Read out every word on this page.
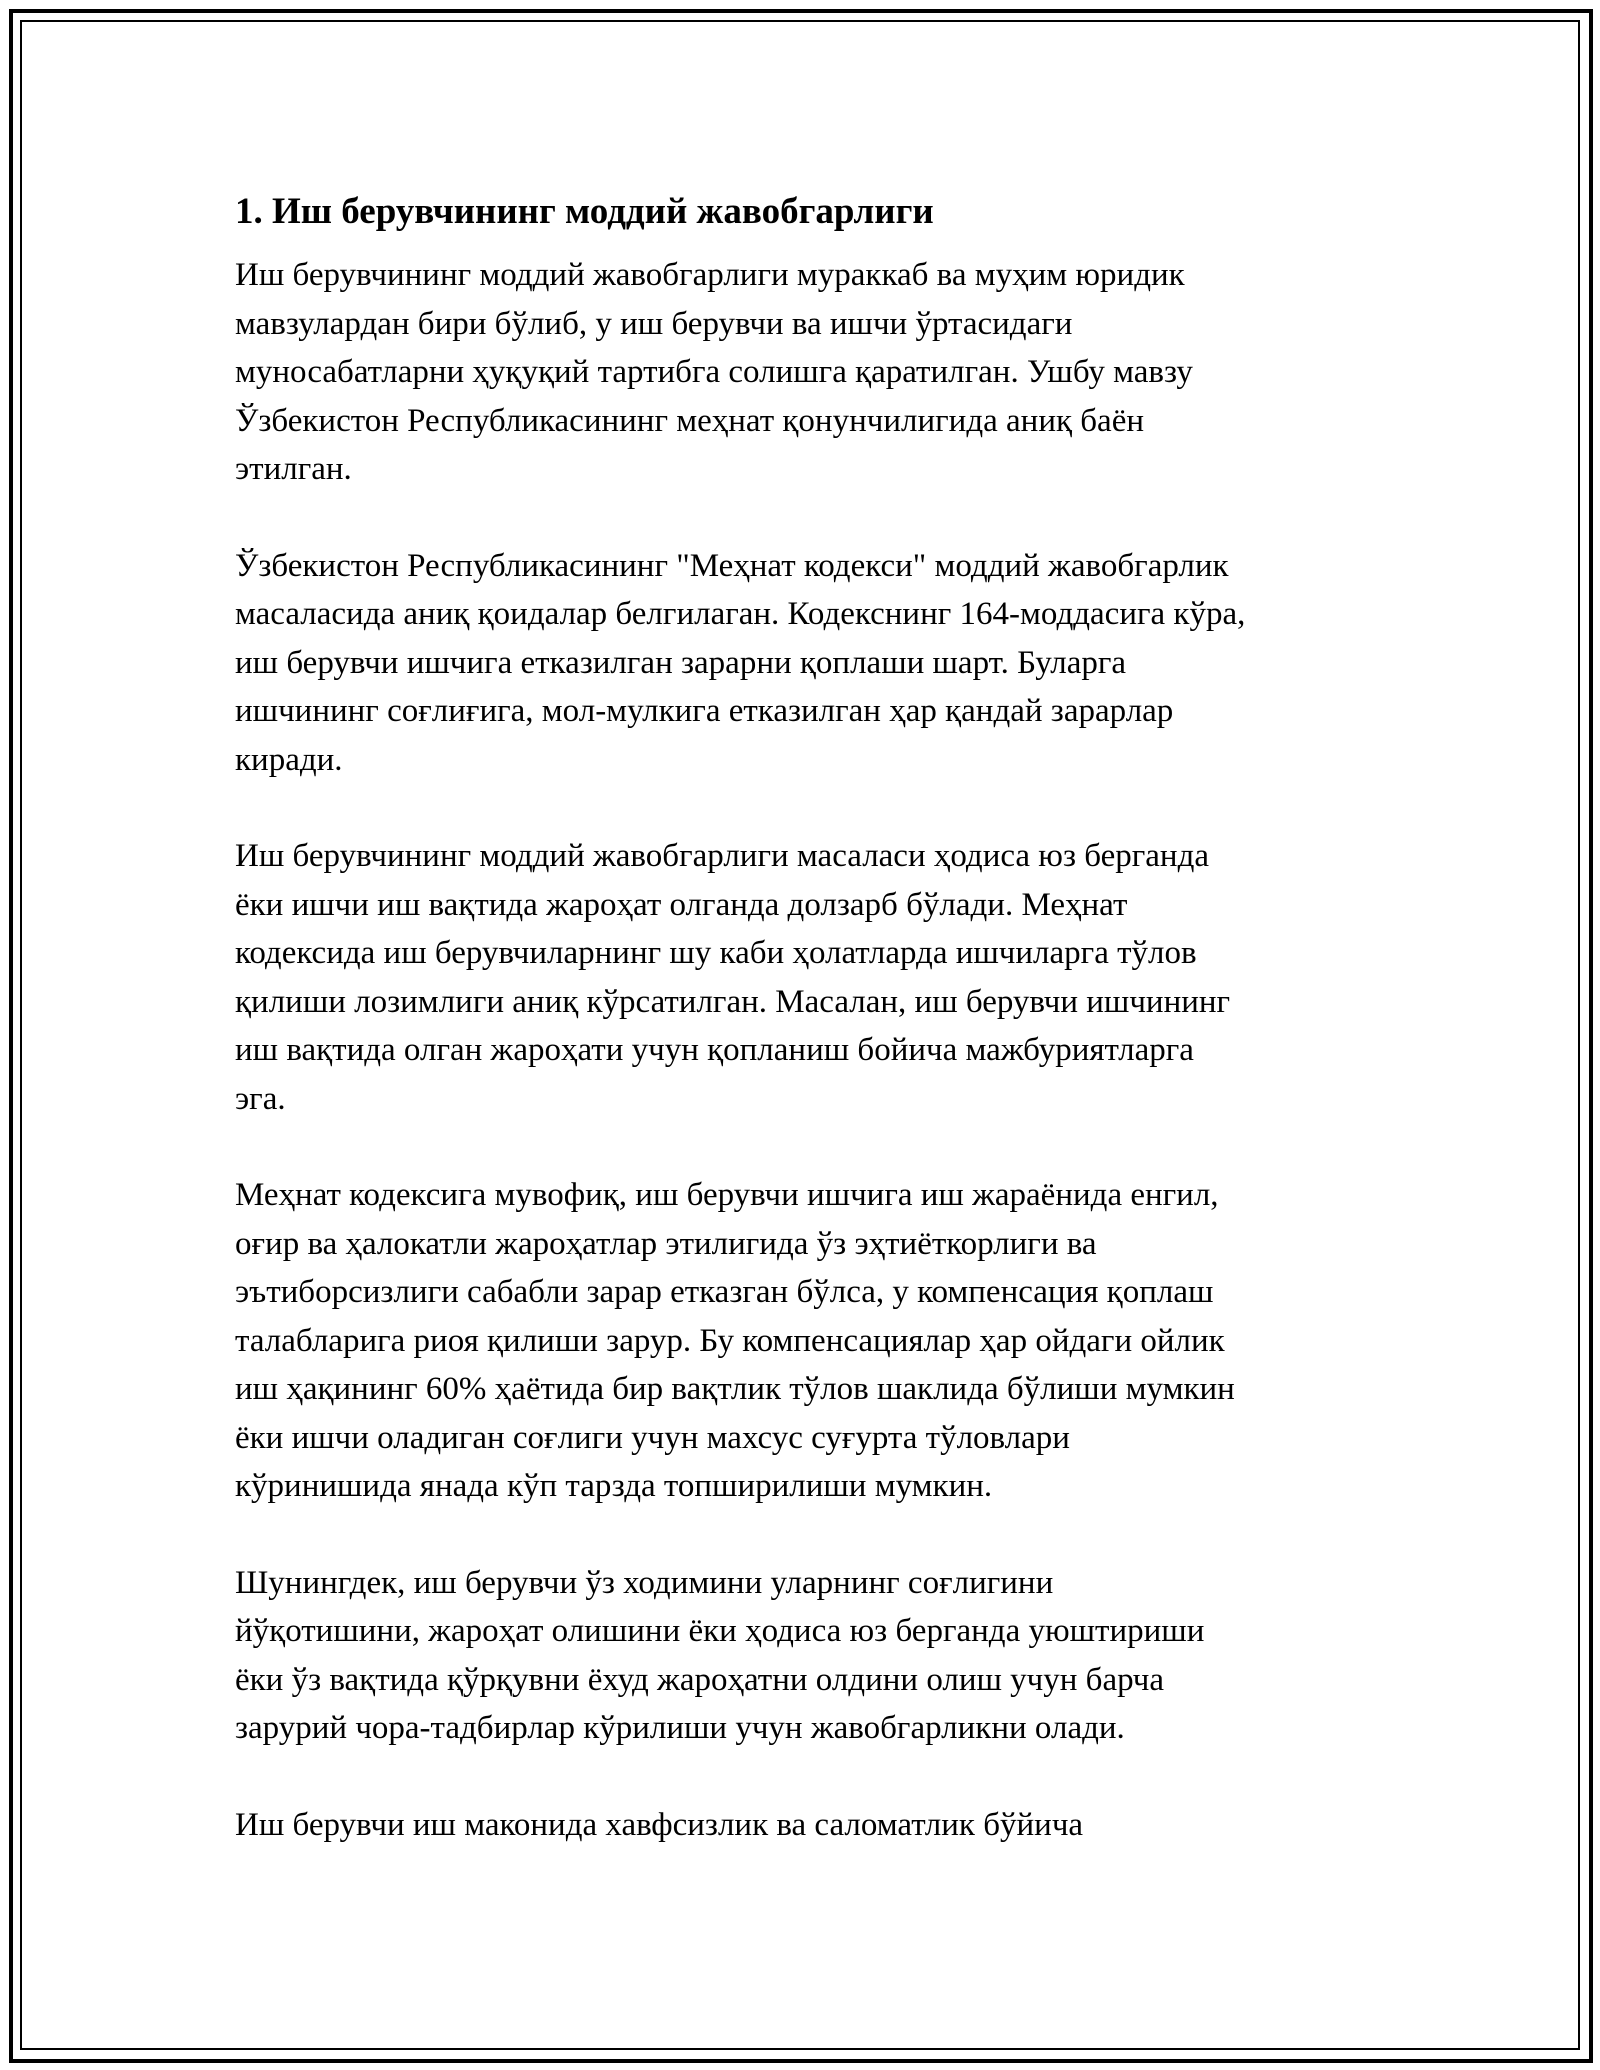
1. Иш берувчининг моддий жавобгарлиги

Иш берувчининг моддий жавобгарлиги мураккаб ва муҳим юридик
мавзулардан бири бўлиб, у иш берувчи ва ишчи ўртасидаги
муносабатларни ҳуқуқий тартибга солишга қаратилган. Ушбу мавзу
Ўзбекистон Республикасининг меҳнат қонунчилигида аниқ баён
этилган.

Ўзбекистон Республикасининг "Меҳнат кодекси" моддий жавобгарлик
масаласида аниқ қоидалар белгилаган. Кодекснинг 164-моддасига кўра,
иш берувчи ишчига етказилган зарарни қоплаши шарт. Буларга
ишчининг соғлиғига, мол-мулкига етказилган ҳар қандай зарарлар
киради.

Иш берувчининг моддий жавобгарлиги масаласи ҳодиса юз берганда
ёки ишчи иш вақтида жароҳат олганда долзарб бўлади. Меҳнат
кодексида иш берувчиларнинг шу каби ҳолатларда ишчиларга тўлов
қилиши лозимлиги аниқ кўрсатилган. Масалан, иш берувчи ишчининг
иш вақтида олган жароҳати учун қопланиш бойича мажбуриятларга
эга.

Меҳнат кодексига мувофиқ, иш берувчи ишчига иш жараёнида енгил,
оғир ва ҳалокатли жароҳатлар этилигида ўз эҳтиёткорлиги ва
эътиборсизлиги сабабли зарар етказган бўлса, у компенсация қоплаш
талабларига риоя қилиши зарур. Бу компенсациялар ҳар ойдаги ойлик
иш ҳақининг 60% ҳаётида бир вақтлик тўлов шаклида бўлиши мумкин
ёки ишчи оладиган соғлиги учун махсус суғурта тўловлари
кўринишида янада кўп тарзда топширилиши мумкин.

Шунингдек, иш берувчи ўз ходимини уларнинг соғлигини
йўқотишини, жароҳат олишини ёки ҳодиса юз берганда уюштириши
ёки ўз вақтида қўрқувни ёхуд жароҳатни олдини олиш учун барча
зарурий чора-тадбирлар кўрилиши учун жавобгарликни олади.

Иш берувчи иш маконида хавфсизлик ва саломатлик бўйича
